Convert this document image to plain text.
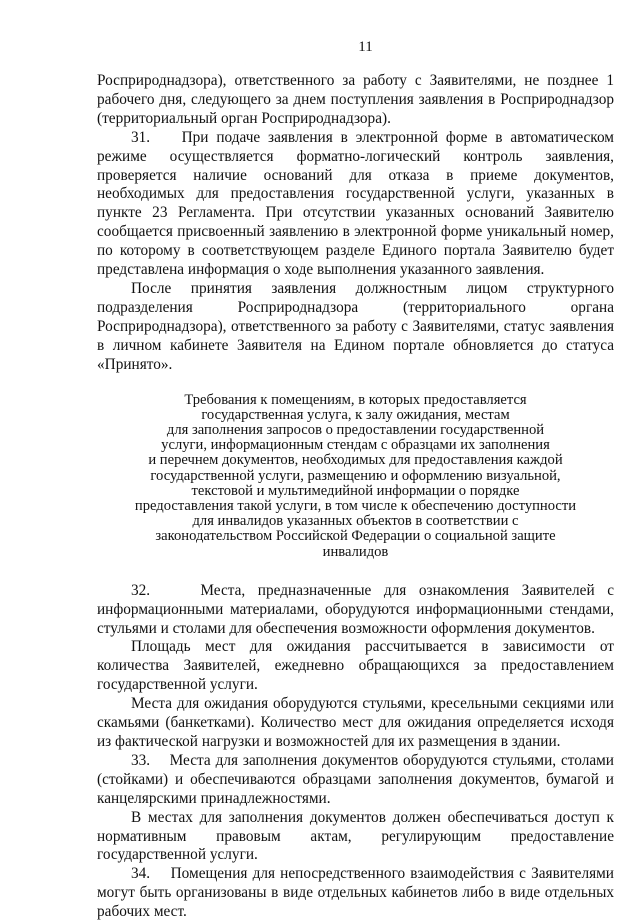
11

Росприроднадзора), ответственного за работу с Заявителями, не позднее 1 рабочего дня, следующего за днем поступления заявления в Росприроднадзор (территориальный орган Росприроднадзора).

31.    При подаче заявления в электронной форме в автоматическом режиме осуществляется форматно-логический контроль заявления, проверяется наличие оснований для отказа в приеме документов, необходимых для предоставления государственной услуги, указанных в пункте 23 Регламента. При отсутствии указанных оснований Заявителю сообщается присвоенный заявлению в электронной форме уникальный номер, по которому в соответствующем разделе Единого портала Заявителю будет представлена информация о ходе выполнения указанного заявления.

После принятия заявления должностным лицом структурного подразделения Росприроднадзора (территориального органа Росприроднадзора), ответственного за работу с Заявителями, статус заявления в личном кабинете Заявителя на Едином портале обновляется до статуса «Принято».

Требования к помещениям, в которых предоставляется
государственная услуга, к залу ожидания, местам
для заполнения запросов о предоставлении государственной
услуги, информационным стендам с образцами их заполнения
и перечнем документов, необходимых для предоставления каждой
государственной услуги, размещению и оформлению визуальной,
текстовой и мультимедийной информации о порядке
предоставления такой услуги, в том числе к обеспечению доступности
для инвалидов указанных объектов в соответствии с
законодательством Российской Федерации о социальной защите
инвалидов

32.    Места, предназначенные для ознакомления Заявителей с информационными материалами, оборудуются информационными стендами, стульями и столами для обеспечения возможности оформления документов.

Площадь мест для ожидания рассчитывается в зависимости от количества Заявителей, ежедневно обращающихся за предоставлением государственной услуги.

Места для ожидания оборудуются стульями, кресельными секциями или скамьями (банкетками). Количество мест для ожидания определяется исходя из фактической нагрузки и возможностей для их размещения в здании.

33.    Места для заполнения документов оборудуются стульями, столами (стойками) и обеспечиваются образцами заполнения документов, бумагой и канцелярскими принадлежностями.

В местах для заполнения документов должен обеспечиваться доступ к нормативным правовым актам, регулирующим предоставление государственной услуги.

34.    Помещения для непосредственного взаимодействия с Заявителями могут быть организованы в виде отдельных кабинетов либо в виде отдельных рабочих мест.
